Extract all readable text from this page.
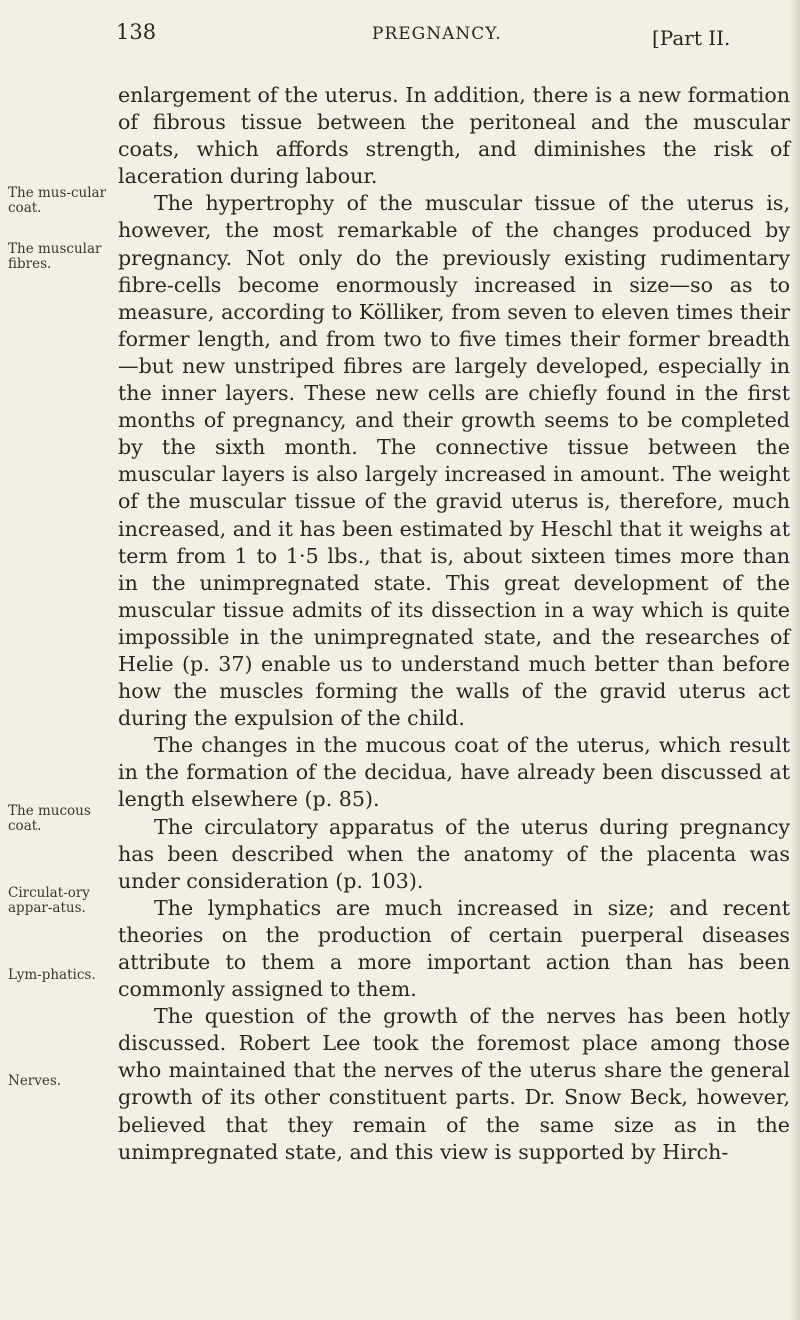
138	PREGNANCY.	[Part II.
The mus-cular coat.
The muscular fibres.
The mucous coat.
Circulat-ory appar-atus.
Lym-phatics.
Nerves.

enlargement of the uterus. In addition, there is a new formation of fibrous tissue between the peritoneal and the muscular coats, which affords strength, and diminishes the risk of laceration during labour.

The hypertrophy of the muscular tissue of the uterus is, however, the most remarkable of the changes produced by pregnancy. Not only do the previously existing rudimentary fibre-cells become enormously increased in size—so as to measure, according to Kölliker, from seven to eleven times their former length, and from two to five times their former breadth—but new unstriped fibres are largely developed, especially in the inner layers. These new cells are chiefly found in the first months of pregnancy, and their growth seems to be completed by the sixth month. The connective tissue between the muscular layers is also largely increased in amount. The weight of the muscular tissue of the gravid uterus is, therefore, much increased, and it has been estimated by Heschl that it weighs at term from 1 to 1·5 lbs., that is, about sixteen times more than in the unimpregnated state. This great development of the muscular tissue admits of its dissection in a way which is quite impossible in the unimpregnated state, and the researches of Helie (p. 37) enable us to understand much better than before how the muscles forming the walls of the gravid uterus act during the expulsion of the child.

The changes in the mucous coat of the uterus, which result in the formation of the decidua, have already been discussed at length elsewhere (p. 85).

The circulatory apparatus of the uterus during pregnancy has been described when the anatomy of the placenta was under consideration (p. 103).

The lymphatics are much increased in size; and recent theories on the production of certain puerperal diseases attribute to them a more important action than has been commonly assigned to them.

The question of the growth of the nerves has been hotly discussed. Robert Lee took the foremost place among those who maintained that the nerves of the uterus share the general growth of its other constituent parts. Dr. Snow Beck, however, believed that they remain of the same size as in the unimpregnated state, and this view is supported by Hirch-
